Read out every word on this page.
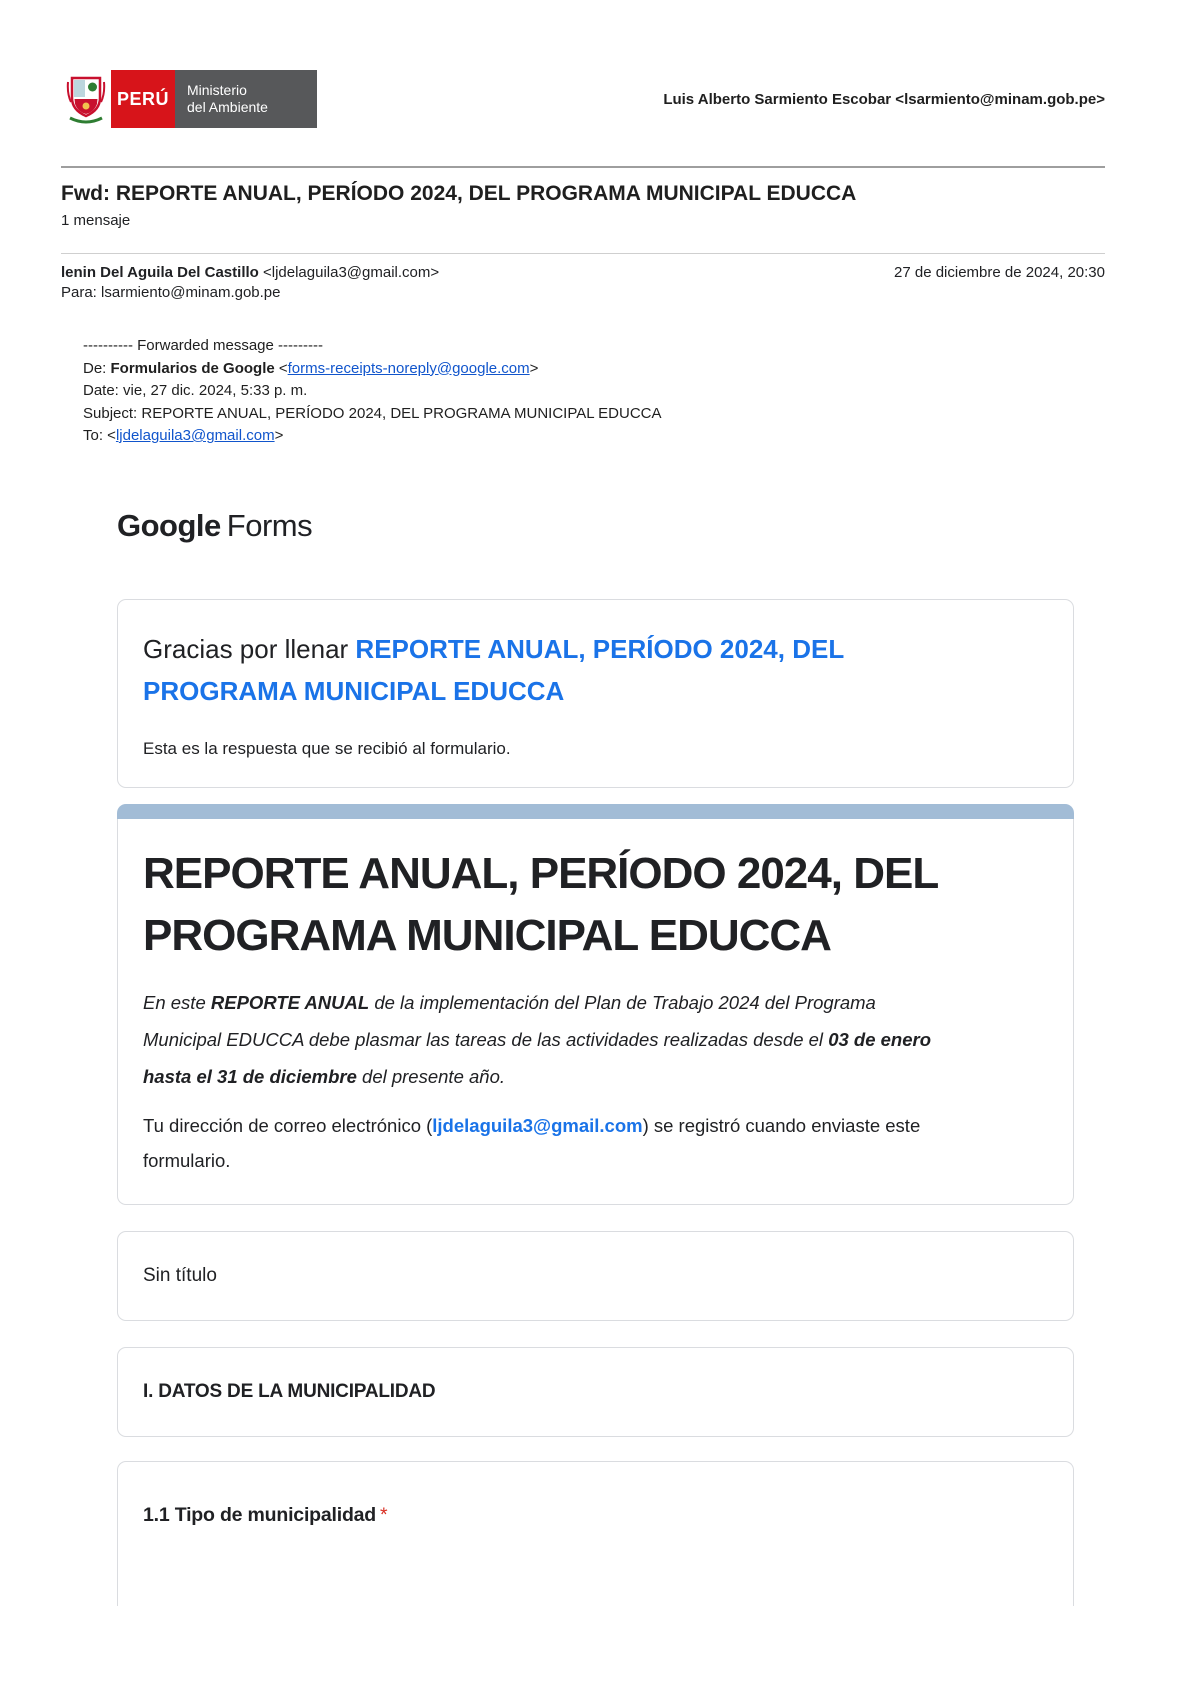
PERÚ Ministerio
del Ambiente	Luis Alberto Sarmiento Escobar <lsarmiento@minam.gob.pe>
Fwd: REPORTE ANUAL, PERÍODO 2024, DEL PROGRAMA MUNICIPAL EDUCCA
1 mensaje
lenin Del Aguila Del Castillo <ljdelaguila3@gmail.com>	27 de diciembre de 2024, 20:30
Para: lsarmiento@minam.gob.pe
---------- Forwarded message ---------
De: Formularios de Google <forms-receipts-noreply@google.com>
Date: vie, 27 dic. 2024, 5:33 p. m.
Subject: REPORTE ANUAL, PERÍODO 2024, DEL PROGRAMA MUNICIPAL EDUCCA
To: <ljdelaguila3@gmail.com>
Google Forms
Gracias por llenar REPORTE ANUAL, PERÍODO 2024, DEL PROGRAMA MUNICIPAL EDUCCA
Esta es la respuesta que se recibió al formulario.
REPORTE ANUAL, PERÍODO 2024, DEL PROGRAMA MUNICIPAL EDUCCA
En este REPORTE ANUAL de la implementación del Plan de Trabajo 2024 del Programa Municipal EDUCCA debe plasmar las tareas de las actividades realizadas desde el 03 de enero hasta el 31 de diciembre del presente año.
Tu dirección de correo electrónico (ljdelaguila3@gmail.com) se registró cuando enviaste este formulario.
Sin título
I. DATOS DE LA MUNICIPALIDAD
1.1 Tipo de municipalidad *
